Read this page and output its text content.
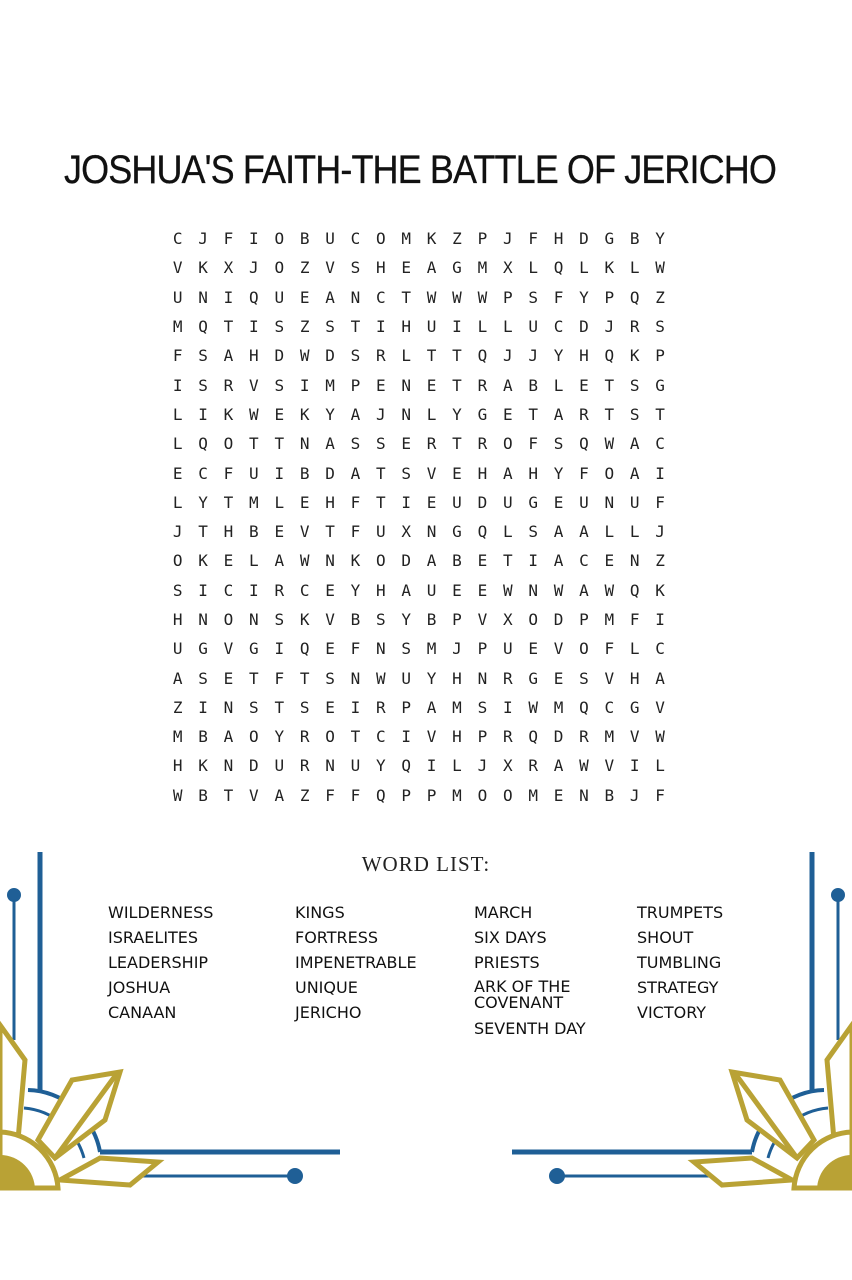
JOSHUA'S FAITH-THE BATTLE OF JERICHO
C J F I O B U C O M K Z P J F H D G B Y
V K X J O Z V S H E A G M X L Q L K L W
U N I Q U E A N C T W W W P S F Y P Q Z
M Q T I S Z S T I H U I L L U C D J R S
F S A H D W D S R L T T Q J J Y H Q K P
I S R V S I M P E N E T R A B L E T S G
L I K W E K Y A J N L Y G E T A R T S T
L Q O T T N A S S E R T R O F S Q W A C
E C F U I B D A T S V E H A H Y F O A I
L Y T M L E H F T I E U D U G E U N U F
J T H B E V T F U X N G Q L S A A L L J
O K E L A W N K O D A B E T I A C E N Z
S I C I R C E Y H A U E E W N W A W Q K
H N O N S K V B S Y B P V X O D P M F I
U G V G I Q E F N S M J P U E V O F L C
A S E T F T S N W U Y H N R G E S V H A
Z I N S T S E I R P A M S I W M Q C G V
M B A O Y R O T C I V H P R Q D R M V W
H K N D U R N U Y Q I L J X R A W V I L
W B T V A Z F F Q P P M O O M E N B J F
WORD LIST:
WILDERNESS
ISRAELITES
LEADERSHIP
JOSHUA
CANAAN
KINGS
FORTRESS
IMPENETRABLE
UNIQUE
JERICHO
MARCH
SIX DAYS
PRIESTS
ARK OF THE COVENANT
SEVENTH DAY
TRUMPETS
SHOUT
TUMBLING
STRATEGY
VICTORY
